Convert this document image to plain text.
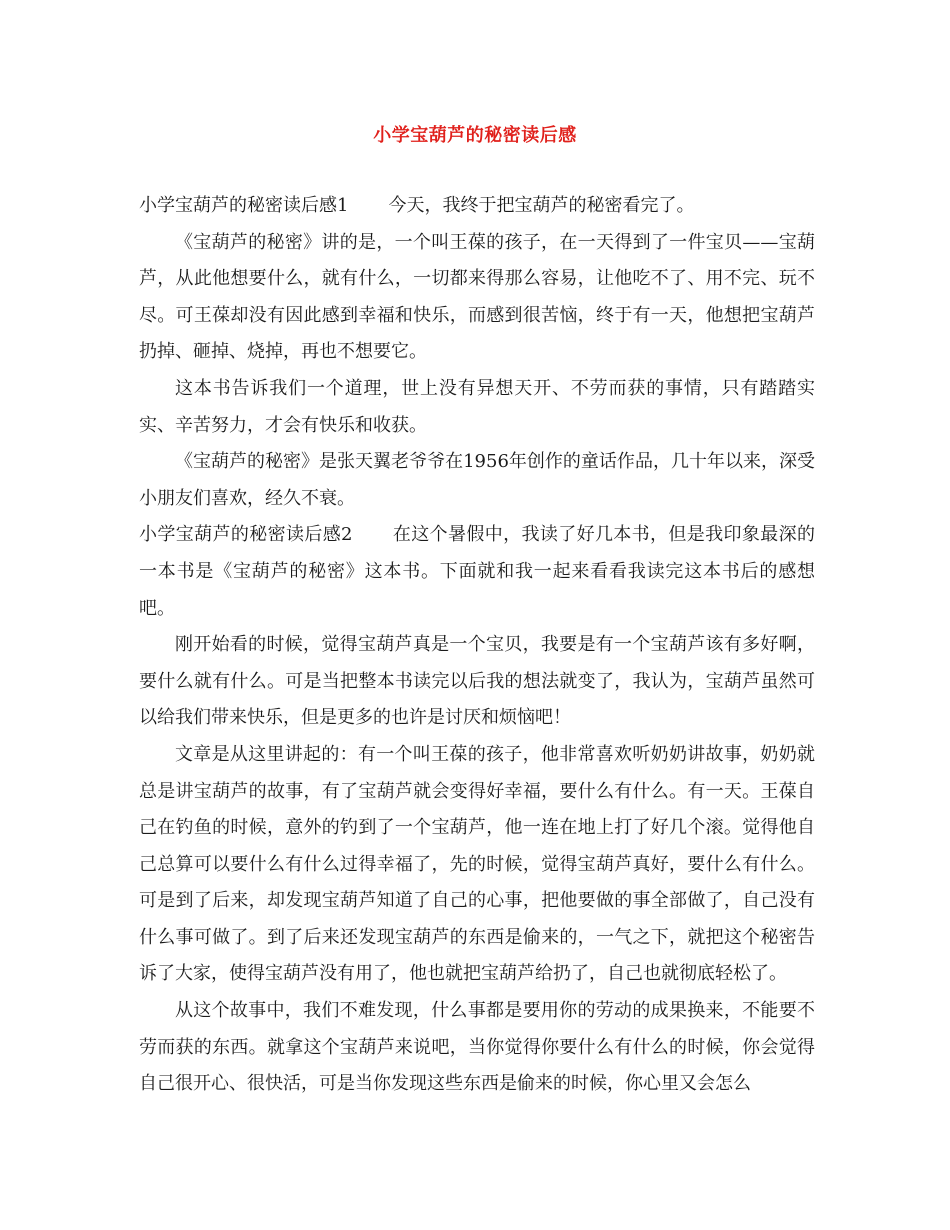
小学宝葫芦的秘密读后感

小学宝葫芦的秘密读后感1 今天，我终于把宝葫芦的秘密看完了。

《宝葫芦的秘密》讲的是，一个叫王葆的孩子，在一天得到了一件宝贝——宝葫芦，从此他想要什么，就有什么，一切都来得那么容易，让他吃不了、用不完、玩不尽。可王葆却没有因此感到幸福和快乐，而感到很苦恼，终于有一天，他想把宝葫芦扔掉、砸掉、烧掉，再也不想要它。

这本书告诉我们一个道理，世上没有异想天开、不劳而获的事情，只有踏踏实实、辛苦努力，才会有快乐和收获。

《宝葫芦的秘密》是张天翼老爷爷在1956年创作的童话作品，几十年以来，深受小朋友们喜欢，经久不衰。

小学宝葫芦的秘密读后感2 在这个暑假中，我读了好几本书，但是我印象最深的一本书是《宝葫芦的秘密》这本书。下面就和我一起来看看我读完这本书后的感想吧。

刚开始看的时候，觉得宝葫芦真是一个宝贝，我要是有一个宝葫芦该有多好啊，要什么就有什么。可是当把整本书读完以后我的想法就变了，我认为，宝葫芦虽然可以给我们带来快乐，但是更多的也许是讨厌和烦恼吧！

文章是从这里讲起的：有一个叫王葆的孩子，他非常喜欢听奶奶讲故事，奶奶就总是讲宝葫芦的故事，有了宝葫芦就会变得好幸福，要什么有什么。有一天。王葆自己在钓鱼的时候，意外的钓到了一个宝葫芦，他一连在地上打了好几个滚。觉得他自己总算可以要什么有什么过得幸福了，先的时候，觉得宝葫芦真好，要什么有什么。可是到了后来，却发现宝葫芦知道了自己的心事，把他要做的事全部做了，自己没有什么事可做了。到了后来还发现宝葫芦的东西是偷来的，一气之下，就把这个秘密告诉了大家，使得宝葫芦没有用了，他也就把宝葫芦给扔了，自己也就彻底轻松了。

从这个故事中，我们不难发现，什么事都是要用你的劳动的成果换来，不能要不劳而获的东西。就拿这个宝葫芦来说吧，当你觉得你要什么有什么的时候，你会觉得自己很开心、很快活，可是当你发现这些东西是偷来的时候，你心里又会怎么
